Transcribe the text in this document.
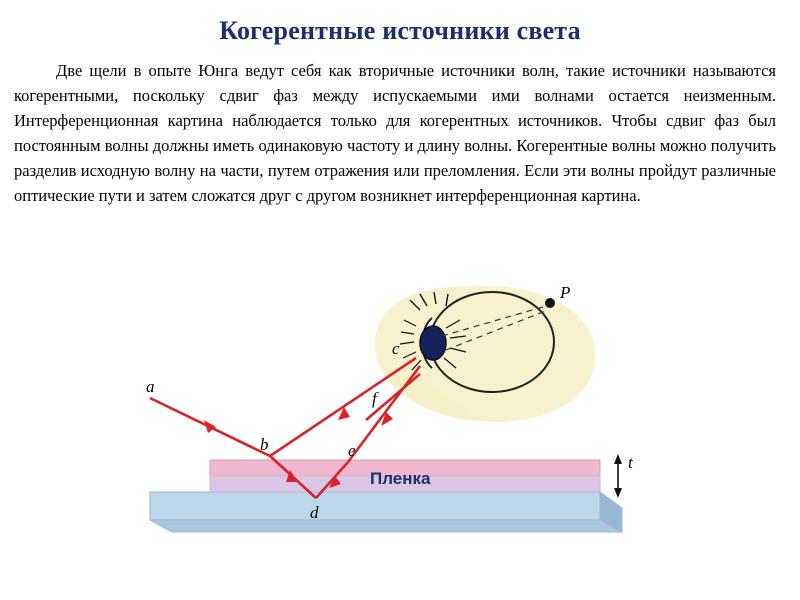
Когерентные источники света
Две щели в опыте Юнга ведут себя как вторичные источники волн, такие источники называются когерентными, поскольку сдвиг фаз между испускаемыми ими волнами остается неизменным. Интерференционная картина наблюдается только для когерентных источников. Чтобы сдвиг фаз был постоянным волны должны иметь одинаковую частоту и длину волны. Когерентные волны можно получить разделив исходную волну на части, путем отражения или преломления. Если эти волны пройдут различные оптические пути и затем сложатся друг с другом возникнет интерференционная картина.
P
Пленка
t
a
b
c
d
e
f
